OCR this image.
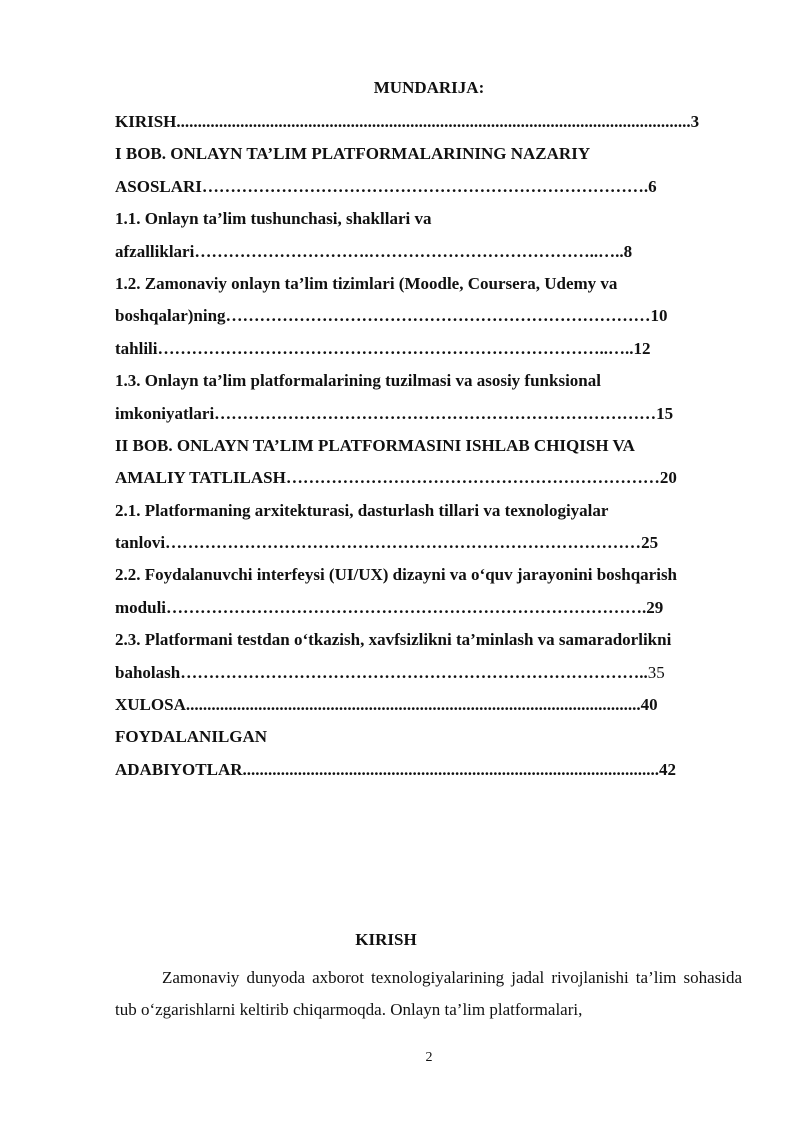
MUNDARIJA:
KIRISH.........................................................................................................................3
I BOB. ONLAYN TA’LIM PLATFORMALARINING NAZARIY
ASOSLARI…………………………………………………………………….6
1.1. Onlayn ta’lim tushunchasi, shakllari va
afzalliklari………………………….…………………………………..…..8
1.2. Zamonaviy onlayn ta’lim tizimlari (Moodle, Coursera, Udemy va
boshqalar)ning…………………………………………………………………10
tahlili……………………………………………………………………..…..12
1.3. Onlayn ta’lim platformalarining tuzilmasi va asosiy funksional
imkoniyatlari……………………………………………………………………15
II BOB. ONLAYN TA’LIM PLATFORMASINI ISHLAB CHIQISH VA
AMALIY TATLILASH…………………………………………………………20
2.1. Platformaning arxitekturasi, dasturlash tillari va texnologiyalar
tanlovi…………………………………………………………………………25
2.2. Foydalanuvchi interfeysi (UI/UX) dizayni va o‘quv jarayonini boshqarish
moduli………………………………………………………………………….29
2.3. Platformani testdan o‘tkazish, xavfsizlikni ta’minlash va samaradorlikni
baholash………………………………………………………………………..35
XULOSA...........................................................................................................40
FOYDALANILGAN
ADABIYOTLAR..................................................................................................42
KIRISH
Zamonaviy dunyoda axborot texnologiyalarining jadal rivojlanishi ta’lim sohasida tub o‘zgarishlarni keltirib chiqarmoqda. Onlayn ta’lim platformalari,
2
